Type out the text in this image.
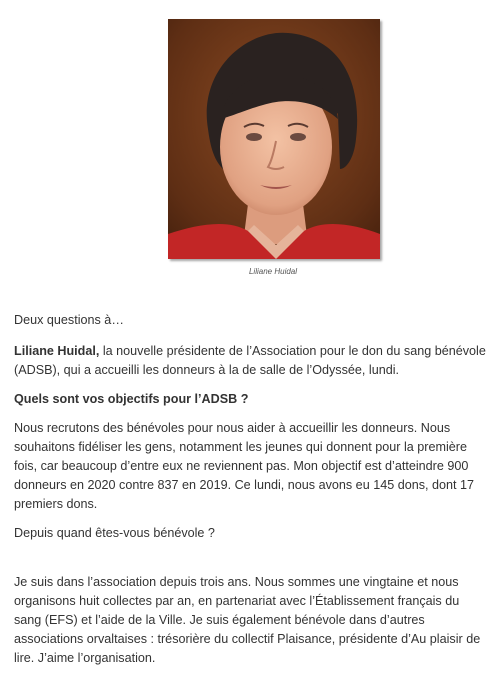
Liliane Huidal

Deux questions à…

Liliane Huidal, la nouvelle présidente de l’Association pour le don du sang bénévole (ADSB), qui a accueilli les donneurs à la de salle de l’Odyssée, lundi.

Quels sont vos objectifs pour l’ADSB ?

Nous recrutons des bénévoles pour nous aider à accueillir les donneurs. Nous souhaitons fidéliser les gens, notamment les jeunes qui donnent pour la première fois, car beaucoup d’entre eux ne reviennent pas. Mon objectif est d’atteindre 900 donneurs en 2020 contre 837 en 2019. Ce lundi, nous avons eu 145 dons, dont 17 premiers dons.

Depuis quand êtes-vous bénévole ?

Je suis dans l’association depuis trois ans. Nous sommes une vingtaine et nous organisons huit collectes par an, en partenariat avec l’Établissement français du sang (EFS) et l’aide de la Ville. Je suis également bénévole dans d’autres associations orvaltaises : trésorière du collectif Plaisance, présidente d’Au plaisir de lire. J’aime l’organisation.
